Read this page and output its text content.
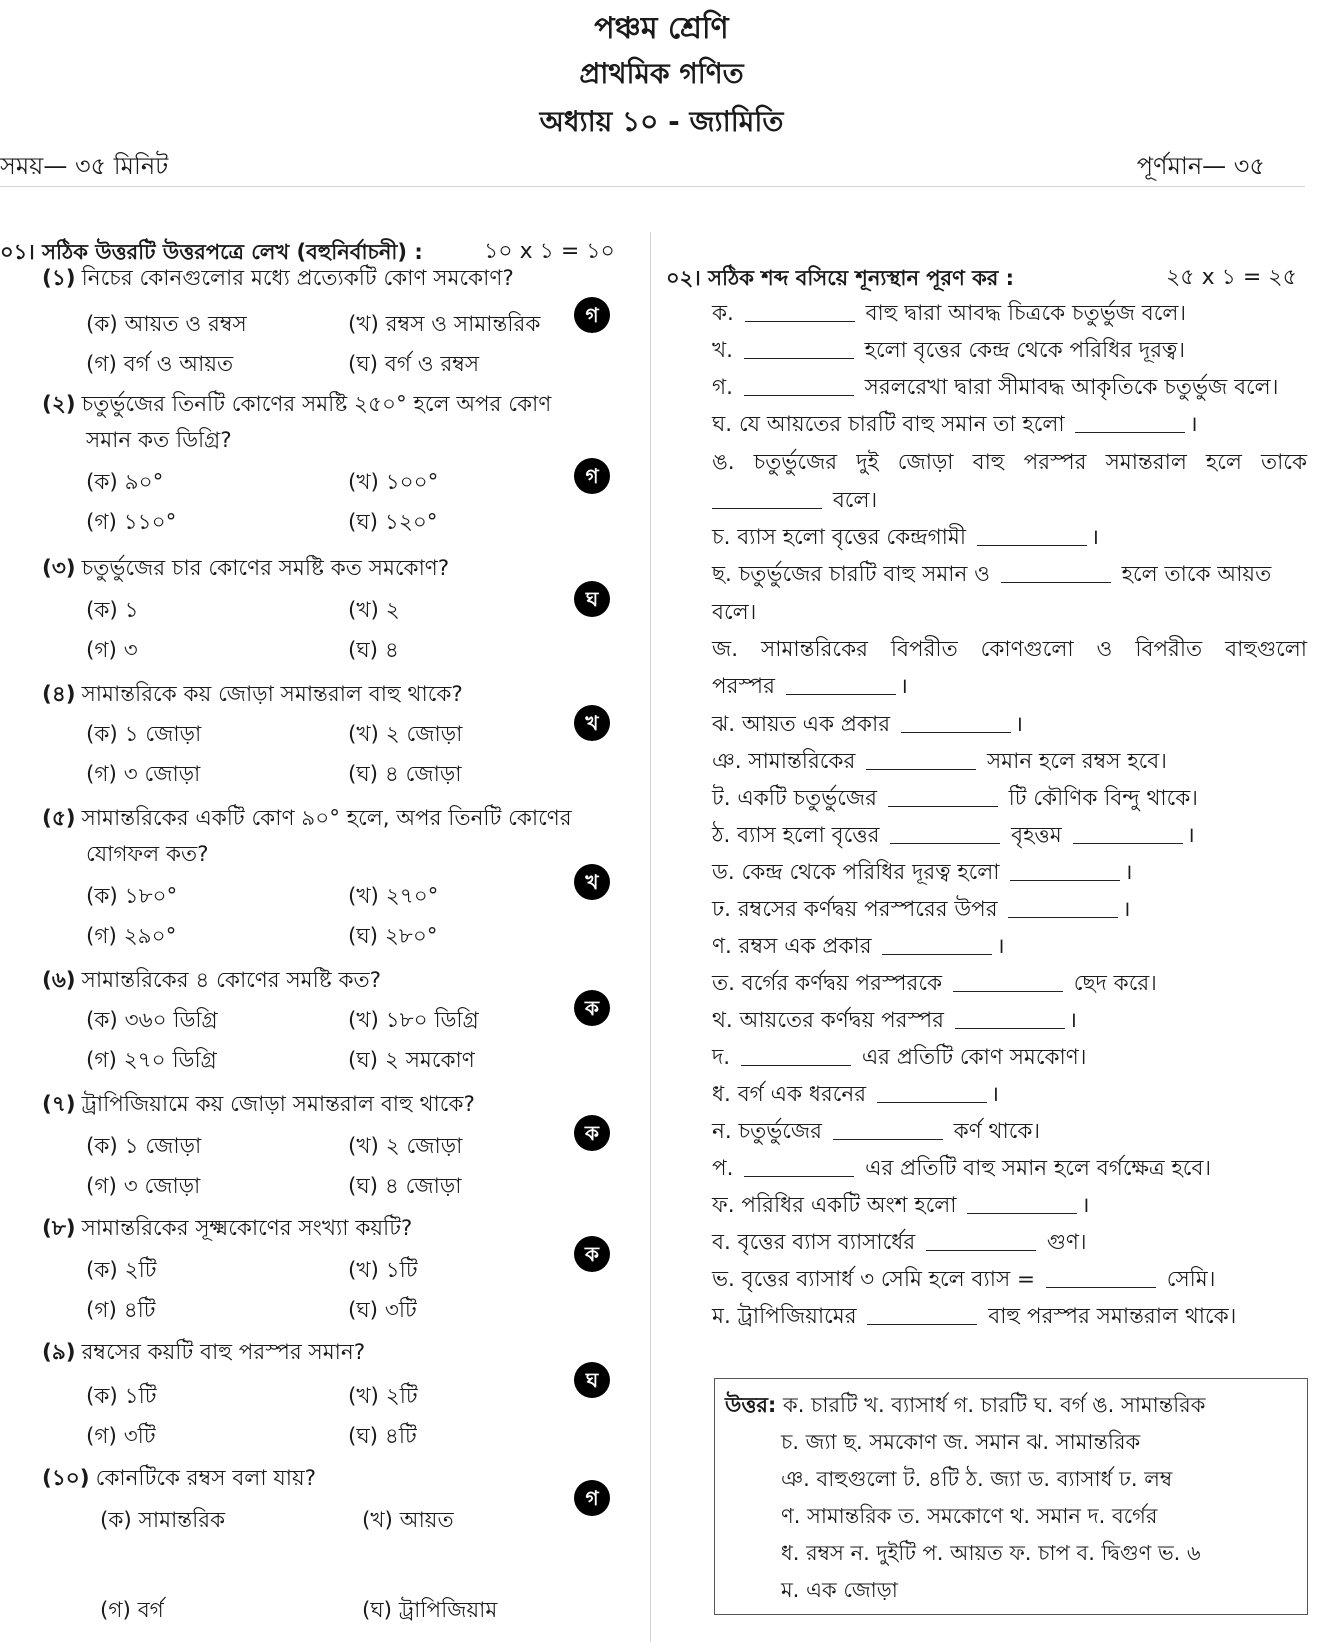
পঞ্চম শ্রেণি
প্রাথমিক গণিত
অধ্যায় ১০ - জ্যামিতি
সময়— ৩৫ মিনিট	পূর্ণমান— ৩৫
০১। সঠিক উত্তরটি উত্তরপত্রে লেখ (বহুনির্বাচনী) :	১০ x ১ = ১০
(১) নিচের কোনগুলোর মধ্যে প্রত্যেকটি কোণ সমকোণ?
(ক) আয়ত ও রম্বস	(খ) রম্বস ও সামান্তরিক
(গ) বর্গ ও আয়ত	(ঘ) বর্গ ও রম্বস
গ
(২) চতুর্ভুজের তিনটি কোণের সমষ্টি ২৫০° হলে অপর কোণ
সমান কত ডিগ্রি?
(ক) ৯০°	(খ) ১০০°
(গ) ১১০°	(ঘ) ১২০°
গ
(৩) চতুর্ভুজের চার কোণের সমষ্টি কত সমকোণ?
(ক) ১	(খ) ২
(গ) ৩	(ঘ) ৪
ঘ
(৪) সামান্তরিকে কয় জোড়া সমান্তরাল বাহু থাকে?
(ক) ১ জোড়া	(খ) ২ জোড়া
(গ) ৩ জোড়া	(ঘ) ৪ জোড়া
খ
(৫) সামান্তরিকের একটি কোণ ৯০° হলে, অপর তিনটি কোণের
যোগফল কত?
(ক) ১৮০°	(খ) ২৭০°
(গ) ২৯০°	(ঘ) ২৮০°
খ
(৬) সামান্তরিকের ৪ কোণের সমষ্টি কত?
(ক) ৩৬০ ডিগ্রি	(খ) ১৮০ ডিগ্রি
(গ) ২৭০ ডিগ্রি	(ঘ) ২ সমকোণ
ক
(৭) ট্রাপিজিয়ামে কয় জোড়া সমান্তরাল বাহু থাকে?
(ক) ১ জোড়া	(খ) ২ জোড়া
(গ) ৩ জোড়া	(ঘ) ৪ জোড়া
ক
(৮) সামান্তরিকের সূক্ষ্মকোণের সংখ্যা কয়টি?
(ক) ২টি	(খ) ১টি
(গ) ৪টি	(ঘ) ৩টি
ক
(৯) রম্বসের কয়টি বাহু পরস্পর সমান?
(ক) ১টি	(খ) ২টি
(গ) ৩টি	(ঘ) ৪টি
ঘ
(১০) কোনটিকে রম্বস বলা যায়?
(ক) সামান্তরিক	(খ) আয়ত
(গ) বর্গ	(ঘ) ট্রাপিজিয়াম
গ
০২। সঠিক শব্দ বসিয়ে শূন্যস্থান পূরণ কর :	২৫ x ১ = ২৫
ক.	বাহু দ্বারা আবদ্ধ চিত্রকে চতুর্ভুজ বলে।
খ.	হলো বৃত্তের কেন্দ্র থেকে পরিধির দূরত্ব।
গ.	সরলরেখা দ্বারা সীমাবদ্ধ আকৃতিকে চতুর্ভুজ বলে।
ঘ. যে আয়তের চারটি বাহু সমান তা হলো	।
ঙ. চতুর্ভুজের দুই জোড়া বাহু পরস্পর সমান্তরাল হলে তাকে
বলে।
চ. ব্যাস হলো বৃত্তের কেন্দ্রগামী	।
ছ. চতুর্ভুজের চারটি বাহু সমান ও	হলে তাকে আয়ত
বলে।
জ. সামান্তরিকের বিপরীত কোণগুলো ও বিপরীত বাহুগুলো
পরস্পর	।
ঝ. আয়ত এক প্রকার	।
ঞ. সামান্তরিকের	সমান হলে রম্বস হবে।
ট. একটি চতুর্ভুজের	টি কৌণিক বিন্দু থাকে।
ঠ. ব্যাস হলো বৃত্তের	বৃহত্তম	।
ড. কেন্দ্র থেকে পরিধির দূরত্ব হলো	।
ঢ. রম্বসের কর্ণদ্বয় পরস্পরের উপর	।
ণ. রম্বস এক প্রকার	।
ত. বর্গের কর্ণদ্বয় পরস্পরকে	ছেদ করে।
থ. আয়তের কর্ণদ্বয় পরস্পর	।
দ.	এর প্রতিটি কোণ সমকোণ।
ধ. বর্গ এক ধরনের	।
ন. চতুর্ভুজের	কর্ণ থাকে।
প.	এর প্রতিটি বাহু সমান হলে বর্গক্ষেত্র হবে।
ফ. পরিধির একটি অংশ হলো	।
ব. বৃত্তের ব্যাস ব্যাসার্ধের	গুণ।
ভ. বৃত্তের ব্যাসার্ধ ৩ সেমি হলে ব্যাস =	সেমি।
ম. ট্রাপিজিয়ামের	বাহু পরস্পর সমান্তরাল থাকে।
উত্তর: ক. চারটি খ. ব্যাসার্ধ গ. চারটি ঘ. বর্গ ঙ. সামান্তরিক
চ. জ্যা ছ. সমকোণ জ. সমান ঝ. সামান্তরিক
ঞ. বাহুগুলো ট. ৪টি ঠ. জ্যা ড. ব্যাসার্ধ ঢ. লম্ব
ণ. সামান্তরিক ত. সমকোণে থ. সমান দ. বর্গের
ধ. রম্বস ন. দুইটি প. আয়ত ফ. চাপ ব. দ্বিগুণ ভ. ৬
ম. এক জোড়া
